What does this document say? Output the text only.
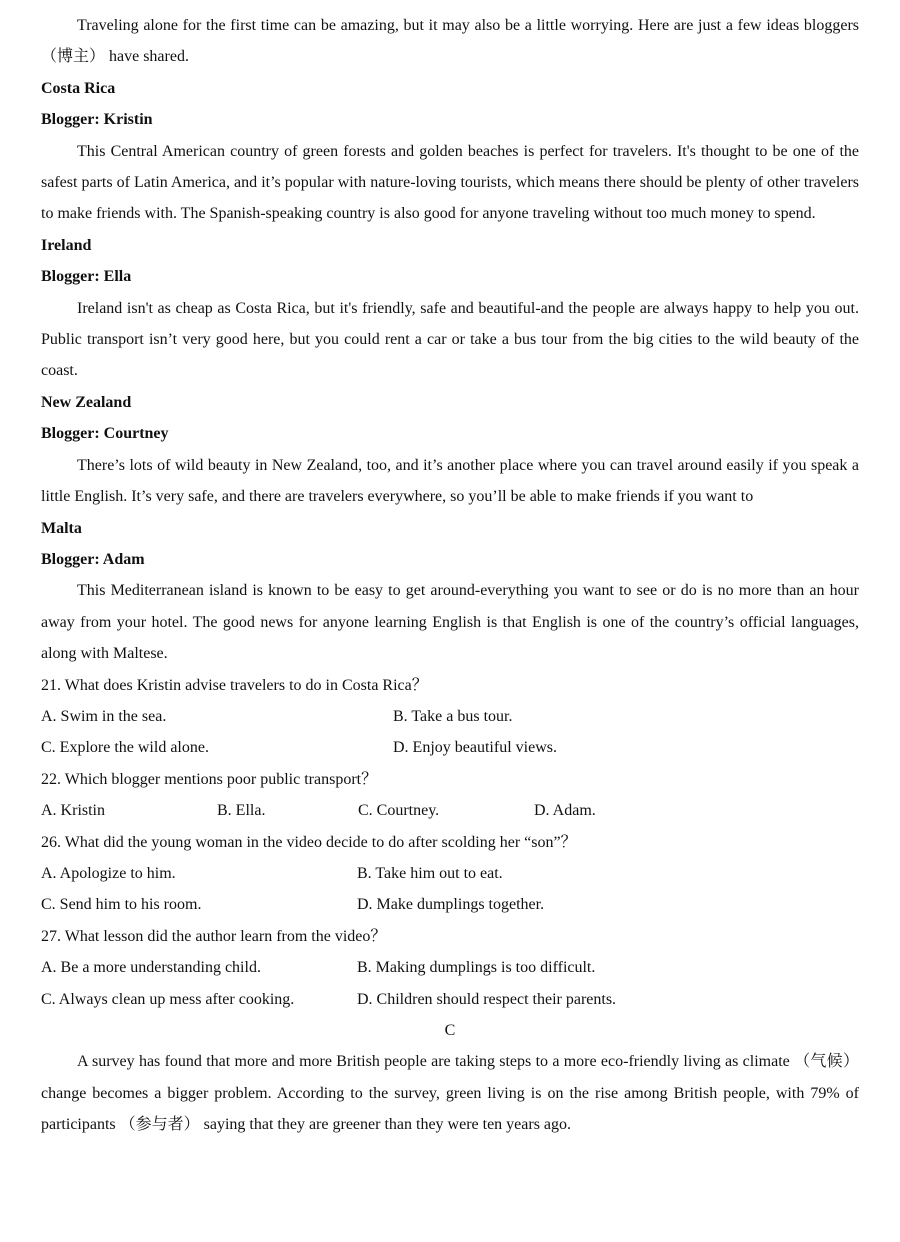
Traveling alone for the first time can be amazing, but it may also be a little worrying. Here are just a few ideas bloggers （博主） have shared.

Costa Rica

Blogger: Kristin

This Central American country of green forests and golden beaches is perfect for travelers. It's thought to be one of the safest parts of Latin America, and it’s popular with nature-loving tourists, which means there should be plenty of other travelers to make friends with. The Spanish-speaking country is also good for anyone traveling without too much money to spend.

Ireland

Blogger: Ella

Ireland isn't as cheap as Costa Rica, but it's friendly, safe and beautiful-and the people are always happy to help you out. Public transport isn’t very good here, but you could rent a car or take a bus tour from the big cities to the wild beauty of the coast.

New Zealand

Blogger: Courtney

There’s lots of wild beauty in New Zealand, too, and it’s another place where you can travel around easily if you speak a little English. It’s very safe, and there are travelers everywhere, so you’ll be able to make friends if you want to

Malta

Blogger: Adam

This Mediterranean island is known to be easy to get around-everything you want to see or do is no more than an hour away from your hotel. The good news for anyone learning English is that English is one of the country’s official languages, along with Maltese.

21. What does Kristin advise travelers to do in Costa Rica？

A. Swim in the sea.	B. Take a bus tour.
C. Explore the wild alone.	D. Enjoy beautiful views.

22. Which blogger mentions poor public transport？

A. Kristin	B. Ella.	C. Courtney.	D. Adam.

26. What did the young woman in the video decide to do after scolding her “son”？

A. Apologize to him.	B. Take him out to eat.
C. Send him to his room.	D. Make dumplings together.

27. What lesson did the author learn from the video？

A. Be a more understanding child.	B. Making dumplings is too difficult.
C. Always clean up mess after cooking.	D. Children should respect their parents.

C

A survey has found that more and more British people are taking steps to a more eco-friendly living as climate （气候） change becomes a bigger problem. According to the survey, green living is on the rise among British people, with 79% of participants （参与者） saying that they are greener than they were ten years ago.
